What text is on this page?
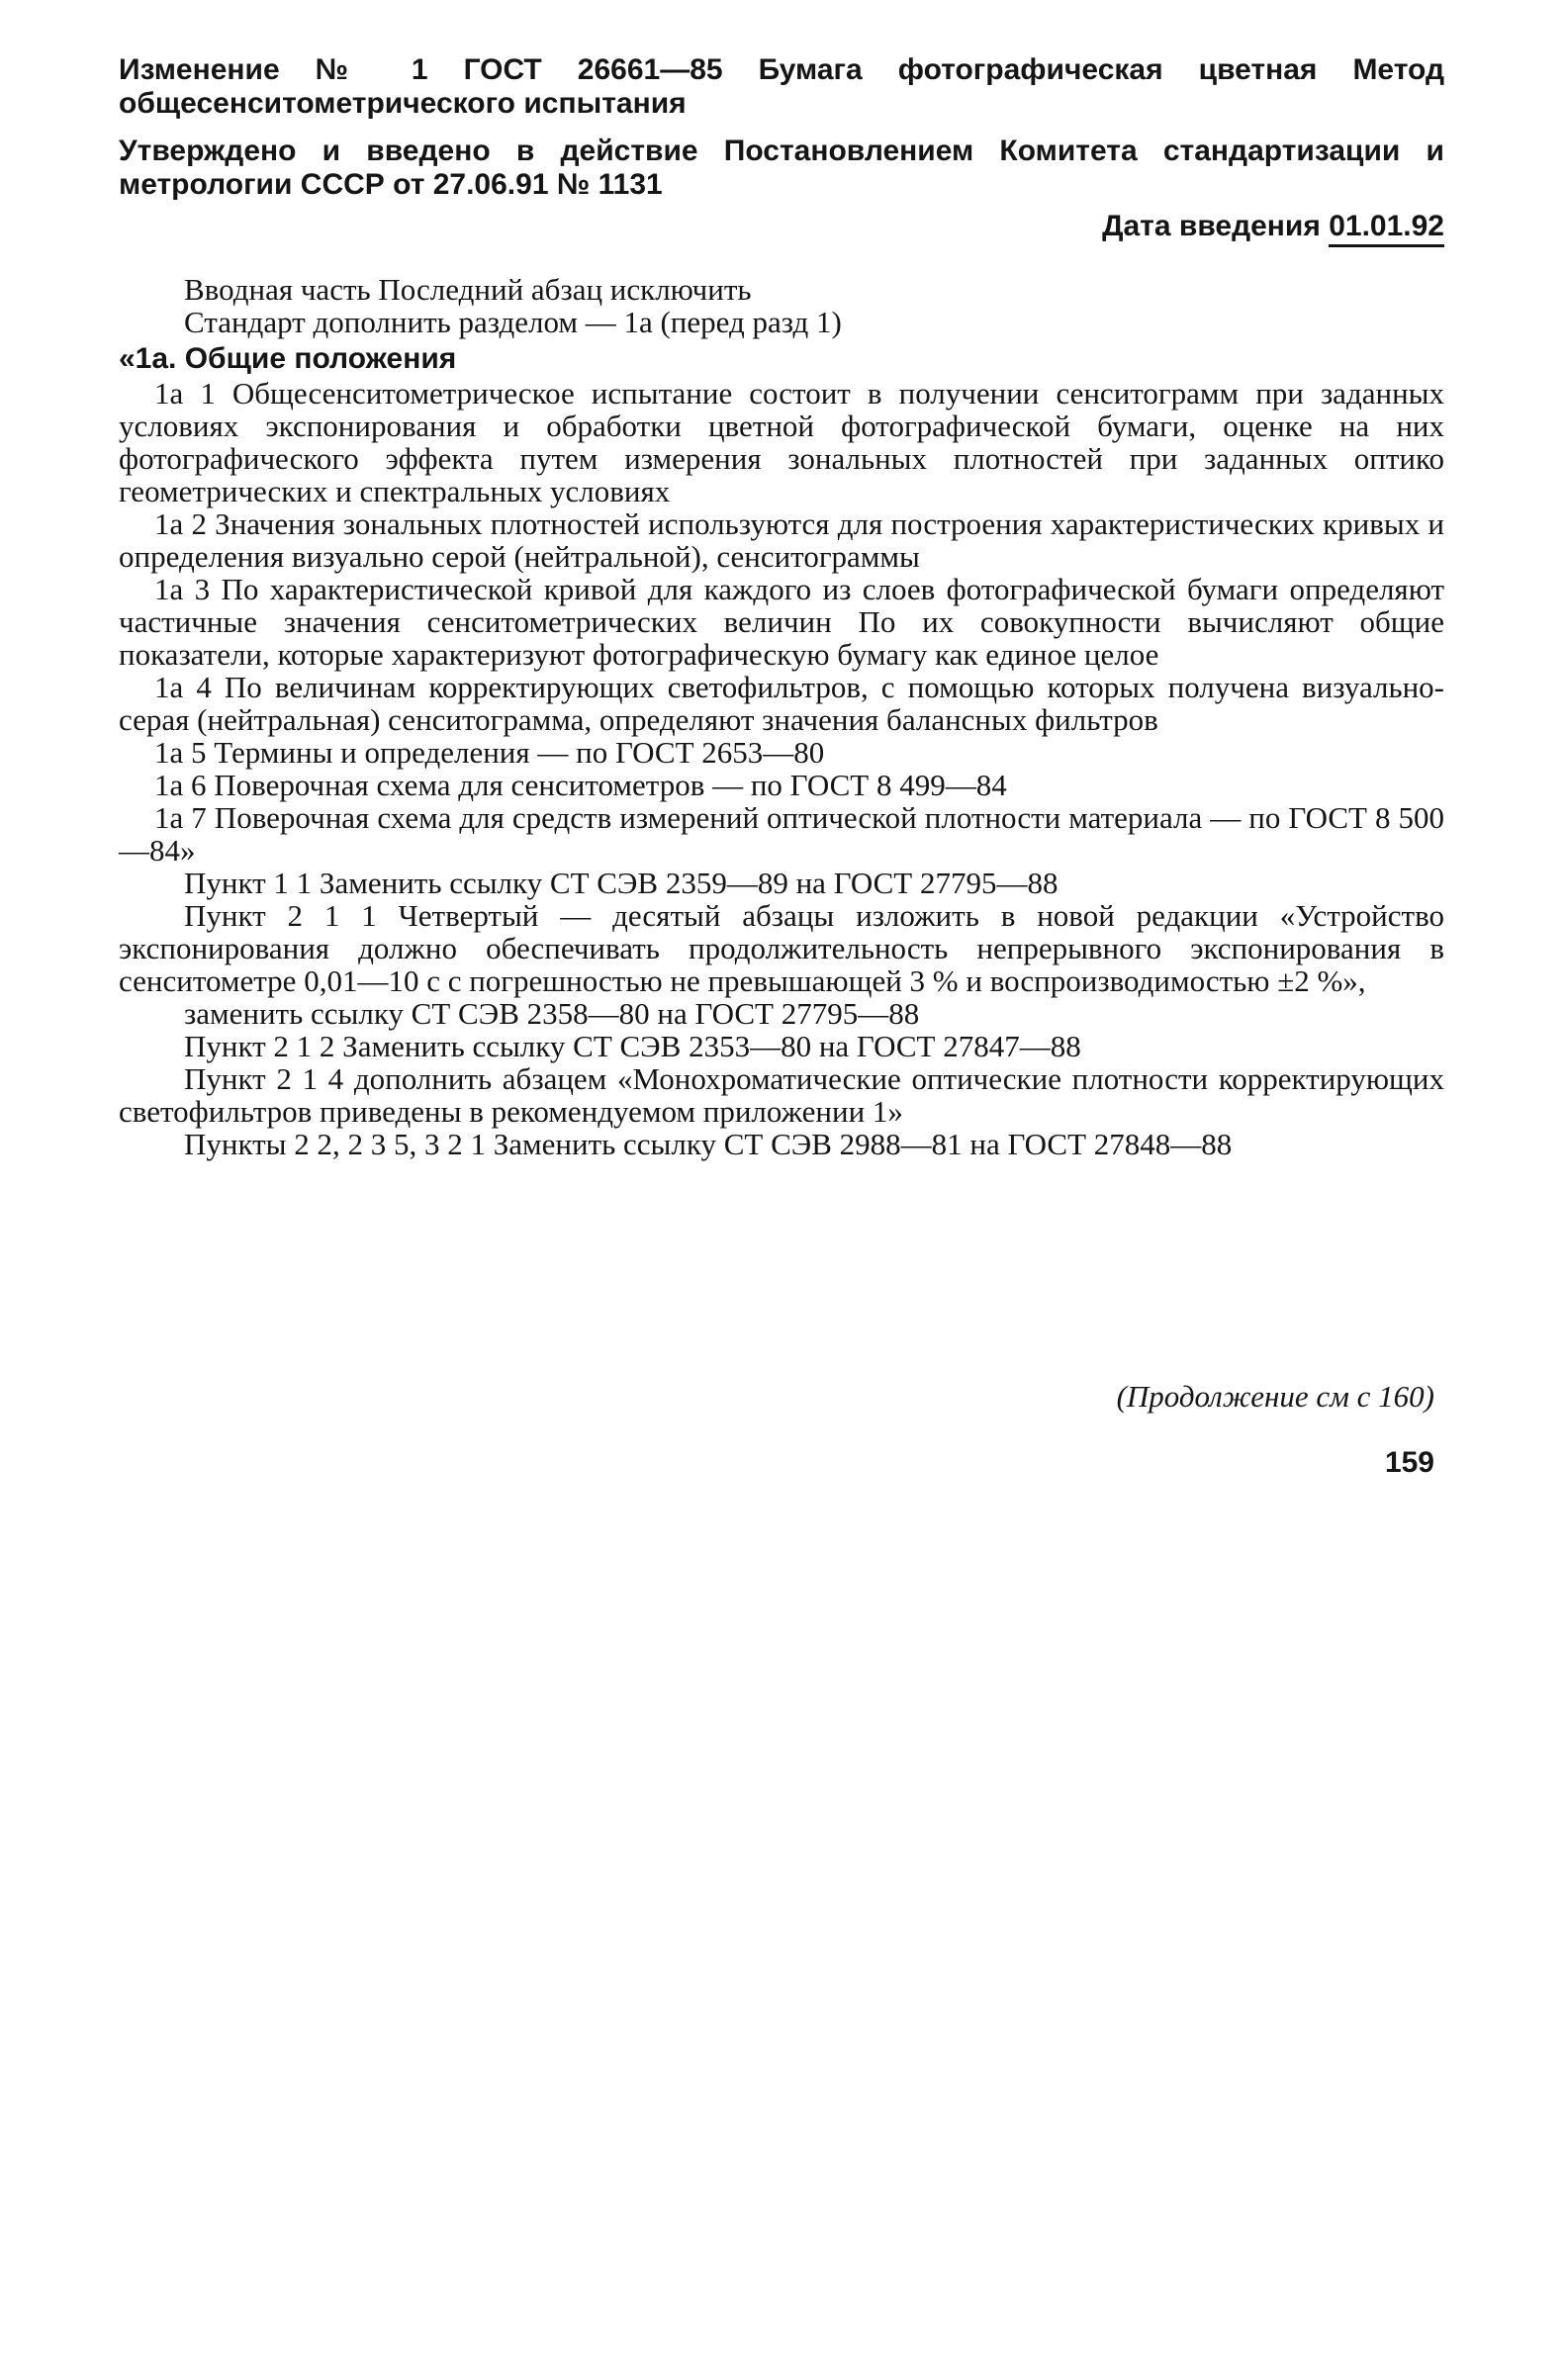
Изменение № 1 ГОСТ 26661—85 Бумага фотографическая цветная Метод общесенситометрического испытания

Утверждено и введено в действие Постановлением Комитета стандартизации и метрологии СССР от 27.06.91 № 1131

Дата введения 01.01.92

Вводная часть Последний абзац исключить

Стандарт дополнить разделом — 1а (перед разд 1)

«1а. Общие положения

1а 1 Общесенситометрическое испытание состоит в получении сенситограмм при заданных условиях экспонирования и обработки цветной фотографической бумаги, оценке на них фотографического эффекта путем измерения зональных плотностей при заданных оптико геометрических и спектральных условиях

1а 2 Значения зональных плотностей используются для построения характеристических кривых и определения визуально серой (нейтральной), сенситограммы

1а 3 По характеристической кривой для каждого из слоев фотографической бумаги определяют частичные значения сенситометрических величин По их совокупности вычисляют общие показатели, которые характеризуют фотографическую бумагу как единое целое

1а 4 По величинам корректирующих светофильтров, с помощью которых получена визуально-серая (нейтральная) сенситограмма, определяют значения балансных фильтров

1а 5 Термины и определения — по ГОСТ 2653—80

1а 6 Поверочная схема для сенситометров — по ГОСТ 8 499—84

1а 7 Поверочная схема для средств измерений оптической плотности материала — по ГОСТ 8 500—84»

Пункт 1 1 Заменить ссылку СТ СЭВ 2359—89 на ГОСТ 27795—88

Пункт 2 1 1 Четвертый — десятый абзацы изложить в новой редакции «Устройство экспонирования должно обеспечивать продолжительность непрерывного экспонирования в сенситометре 0,01—10 с с погрешностью не превышающей 3 % и воспроизводимостью ±2 %»,

заменить ссылку СТ СЭВ 2358—80 на ГОСТ 27795—88

Пункт 2 1 2 Заменить ссылку СТ СЭВ 2353—80 на ГОСТ 27847—88

Пункт 2 1 4 дополнить абзацем «Монохроматические оптические плотности корректирующих светофильтров приведены в рекомендуемом приложении 1»

Пункты 2 2, 2 3 5, 3 2 1 Заменить ссылку СТ СЭВ 2988—81 на ГОСТ 27848—88

(Продолжение см с 160)
159
